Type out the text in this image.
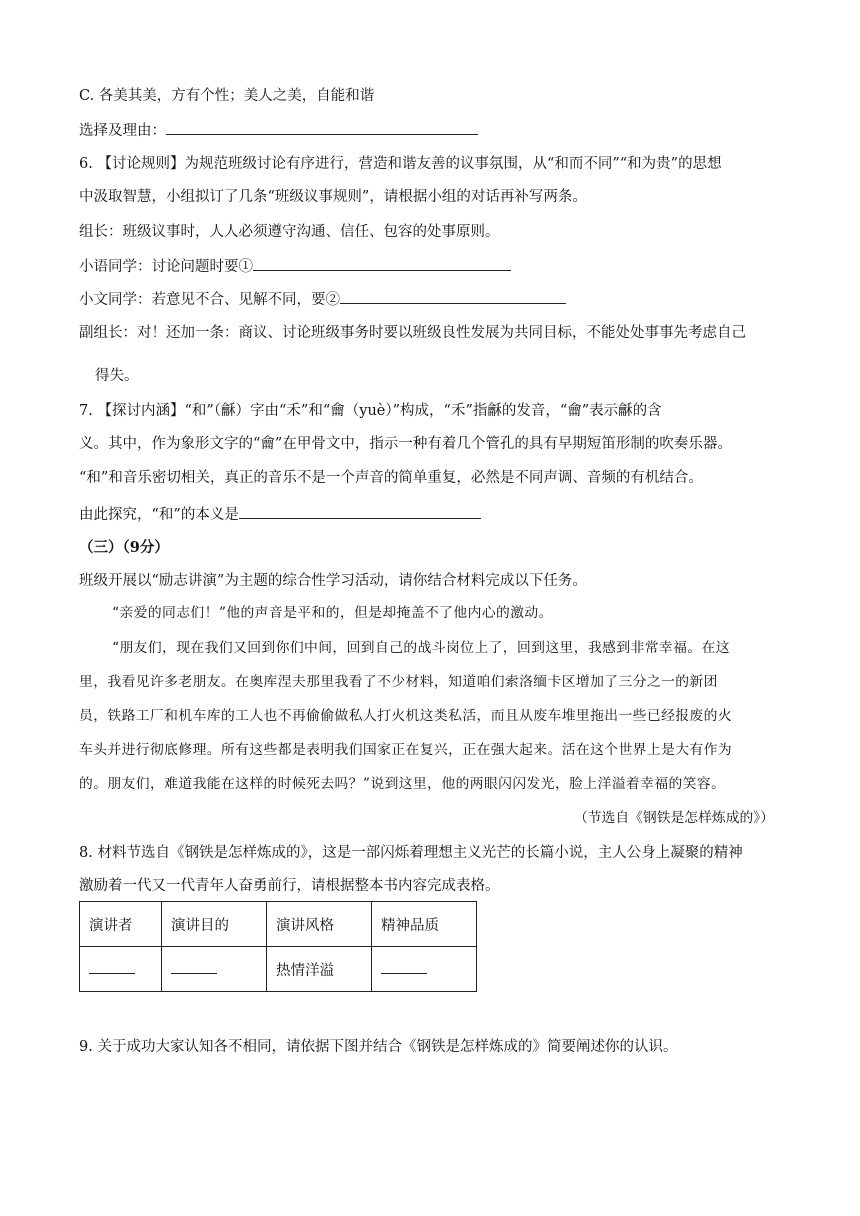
C. 各美其美，方有个性；美人之美，自能和谐
选择及理由：
6. 【讨论规则】为规范班级讨论有序进行，营造和谐友善的议事氛围，从“和而不同”“和为贵”的思想
中汲取智慧，小组拟订了几条“班级议事规则”，请根据小组的对话再补写两条。
组长：班级议事时，人人必须遵守沟通、信任、包容的处事原则。
小语同学：讨论问题时要①
小文同学：若意见不合、见解不同，要②
副组长：对！还加一条：商议、讨论班级事务时要以班级良性发展为共同目标，不能处处事事先考虑自己
得失。
7. 【探讨内涵】“和”（龢）字由“禾”和“龠（yuè）”构成，“禾”指龢的发音，“龠”表示龢的含
义。其中，作为象形文字的“龠”在甲骨文中，指示一种有着几个管孔的具有早期短笛形制的吹奏乐器。
“和”和音乐密切相关，真正的音乐不是一个声音的简单重复，必然是不同声调、音频的有机结合。
由此探究，“和”的本义是
（三）（9分）
班级开展以“励志讲演”为主题的综合性学习活动，请你结合材料完成以下任务。
“亲爱的同志们！”他的声音是平和的，但是却掩盖不了他内心的激动。
“朋友们，现在我们又回到你们中间，回到自己的战斗岗位上了，回到这里，我感到非常幸福。在这
里，我看见许多老朋友。在奥库涅夫那里我看了不少材料，知道咱们索洛缅卡区增加了三分之一的新团
员，铁路工厂和机车库的工人也不再偷偷做私人打火机这类私活，而且从废车堆里拖出一些已经报废的火
车头并进行彻底修理。所有这些都是表明我们国家正在复兴，正在强大起来。活在这个世界上是大有作为
的。朋友们，难道我能在这样的时候死去吗？”说到这里，他的两眼闪闪发光，脸上洋溢着幸福的笑容。
（节选自《钢铁是怎样炼成的》）
8. 材料节选自《钢铁是怎样炼成的》，这是一部闪烁着理想主义光芒的长篇小说，主人公身上凝聚的精神
激励着一代又一代青年人奋勇前行，请根据整本书内容完成表格。
演讲者	演讲目的	演讲风格	精神品质
		热情洋溢	
9. 关于成功大家认知各不相同，请依据下图并结合《钢铁是怎样炼成的》简要阐述你的认识。
